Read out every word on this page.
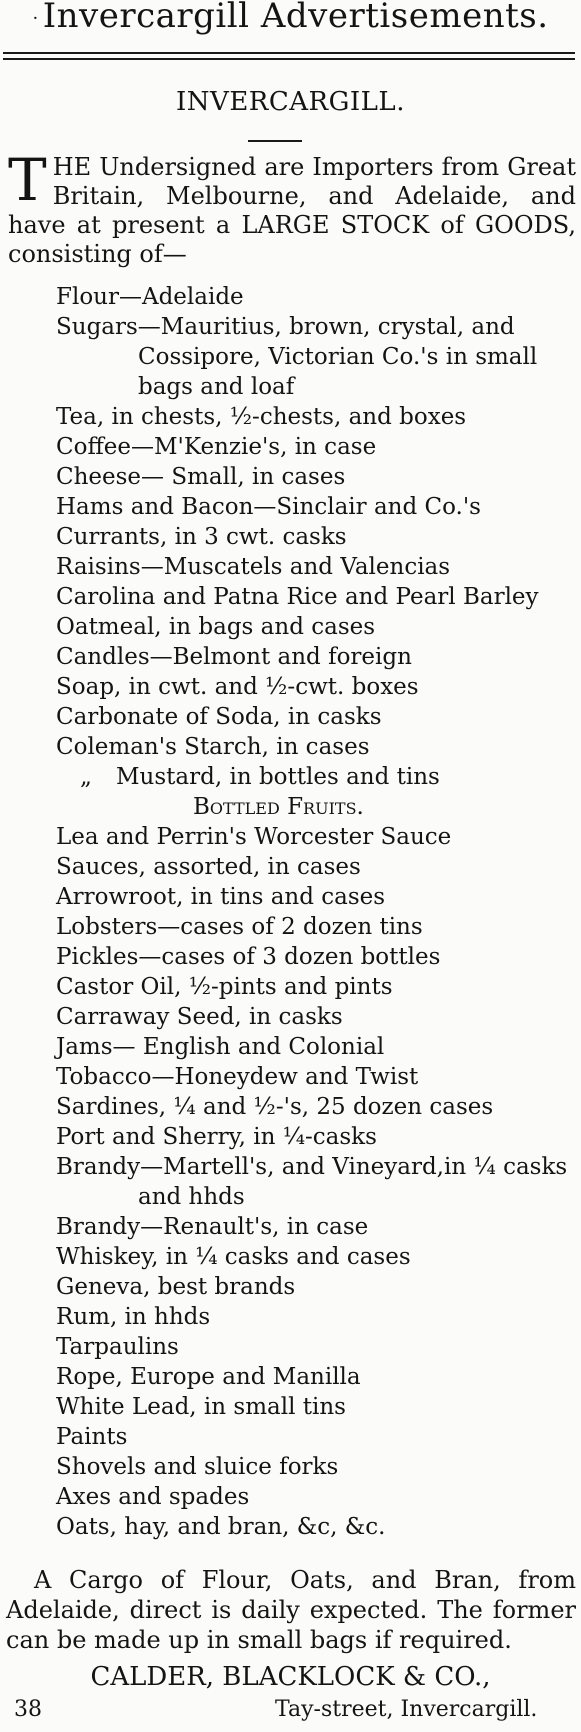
· Invercargill Advertisements.
INVERCARGILL.
T HE Undersigned are Importers from Great Britain, Melbourne, and Adelaide, and have at present a LARGE STOCK of GOODS, consisting of—

Flour—Adelaide
Sugars—Mauritius, brown, crystal, and
Cossipore, Victorian Co.'s in small
bags and loaf
Tea, in chests, ½-chests, and boxes
Coffee—M'Kenzie's, in case
Cheese— Small, in cases
Hams and Bacon—Sinclair and Co.'s
Currants, in 3 cwt. casks
Raisins—Muscatels and Valencias
Carolina and Patna Rice and Pearl Barley
Oatmeal, in bags and cases
Candles—Belmont and foreign
Soap, in cwt. and ½-cwt. boxes
Carbonate of Soda, in casks
Coleman's Starch, in cases
„ Mustard, in bottles and tins
Bottled Fruits.
Lea and Perrin's Worcester Sauce
Sauces, assorted, in cases
Arrowroot, in tins and cases
Lobsters—cases of 2 dozen tins
Pickles—cases of 3 dozen bottles
Castor Oil, ½-pints and pints
Carraway Seed, in casks
Jams— English and Colonial
Tobacco—Honeydew and Twist
Sardines, ¼ and ½-'s, 25 dozen cases
Port and Sherry, in ¼-casks
Brandy—Martell's, and Vineyard,in ¼ casks
and hhds
Brandy—Renault's, in case
Whiskey, in ¼ casks and cases
Geneva, best brands
Rum, in hhds
Tarpaulins
Rope, Europe and Manilla
White Lead, in small tins
Paints
Shovels and sluice forks
Axes and spades
Oats, hay, and bran, &c, &c.

A Cargo of Flour, Oats, and Bran, from Adelaide, direct is daily expected. The former can be made up in small bags if required.

CALDER, BLACKLOCK & CO.,
38	Tay-street, Invercargill.
